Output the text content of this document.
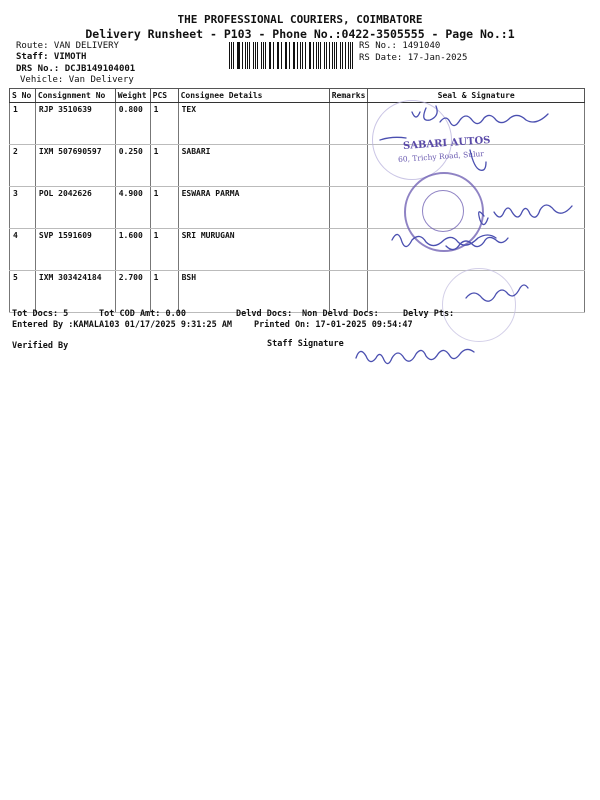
THE PROFESSIONAL COURIERS, COIMBATORE
Delivery Runsheet - P103 - Phone No.:0422-3505555 - Page No.:1
Route: VAN DELIVERY
Staff: VIMOTH
DRS No.: DCJB149104001
Vehicle: Van Delivery
RS No.: 1491040
RS Date: 17-Jan-2025
S No	Consignment No	Weight	PCS	Consignee Details	Remarks	Seal & Signature
1	RJP 3510639	0.800	1	TEX		
2	IXM 507690597	0.250	1	SABARI		
3	POL 2042626	4.900	1	ESWARA PARMA		
4	SVP 1591609	1.600	1	SRI MURUGAN		
5	IXM 303424184	2.700	1	BSH		
SABARI AUTOS
60, Trichy Road, Sulur
Tot Docs: 5	Tot COD Amt: 0.00	Delvd Docs: Non Delvd Docs:	Delvy Pts:
Entered By :KAMALA103 01/17/2025 9:31:25 AM	Printed On: 17-01-2025 09:54:47
Verified By	Staff Signature
